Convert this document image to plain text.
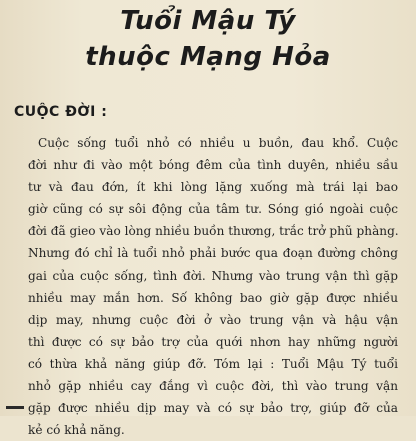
Tuổi Mậu Tý
thuộc Mạng Hỏa
CUỘC ĐỜI :
Cuộc sống tuổi nhỏ có nhiều u buồn, đau khổ. Cuộc
đời như đi vào một bóng đêm của tình duyên, nhiều sầu
tư và đau đớn, ít khi lòng lặng xuống mà trái lại bao
giờ cũng có sự sôi động của tâm tư. Sóng gió ngoài cuộc
đời đã gieo vào lòng nhiều buồn thương, trắc trở phũ phàng.
Nhưng đó chỉ là tuổi nhỏ phải bước qua đoạn đường chông
gai của cuộc sống, tình đời. Nhưng vào trung vận thì gặp
nhiều may mắn hơn. Số không bao giờ gặp được nhiều
dịp may, nhưng cuộc đời ở vào trung vận và hậu vận
thì được có sự bảo trợ của quới nhơn hay những người
có thừa khả năng giúp đỡ. Tóm lại : Tuổi Mậu Tý tuổi
nhỏ gặp nhiều cay đắng vì cuộc đời, thì vào trung vận
gặp được nhiều dịp may và có sự bảo trợ, giúp đỡ của
kẻ có khả năng.
